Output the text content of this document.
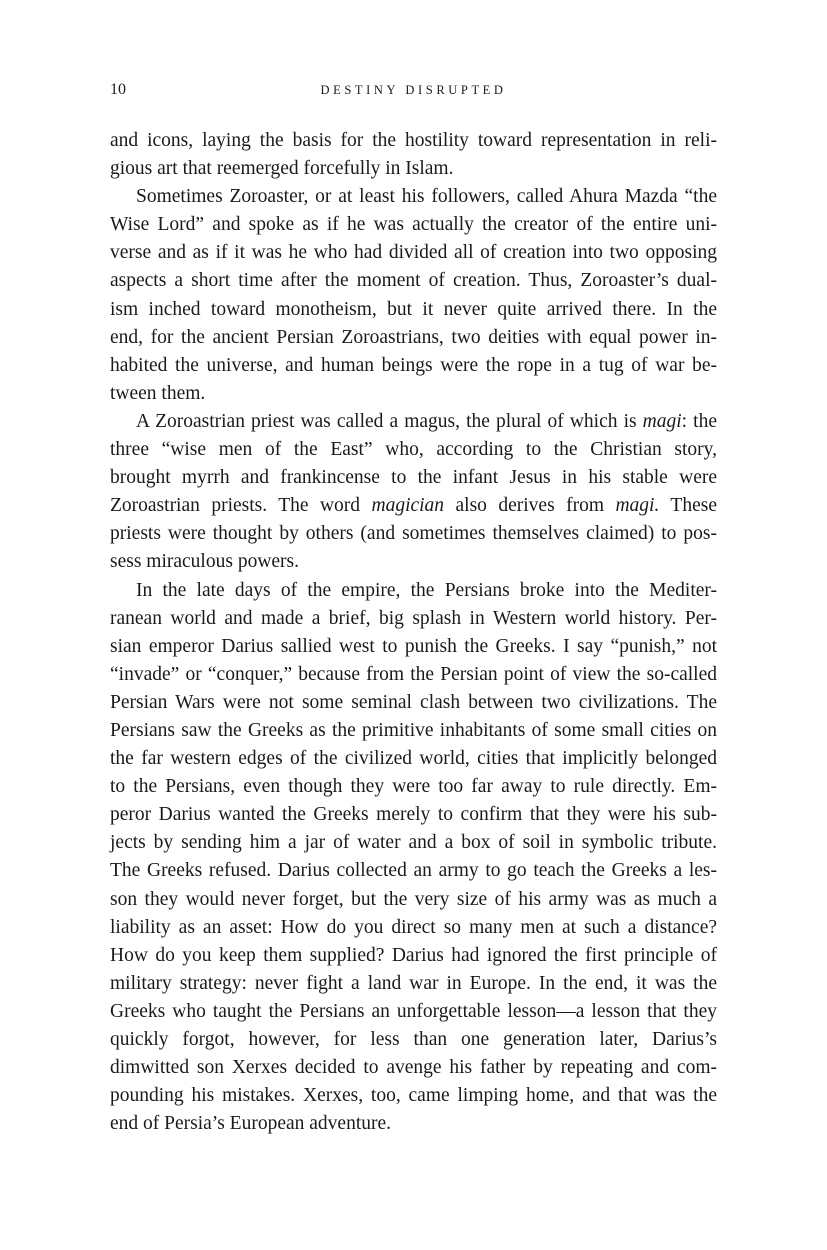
10	DESTINY DISRUPTED
and icons, laying the basis for the hostility toward representation in reli-
gious art that reemerged forcefully in Islam.
Sometimes Zoroaster, or at least his followers, called Ahura Mazda “the
Wise Lord” and spoke as if he was actually the creator of the entire uni-
verse and as if it was he who had divided all of creation into two opposing
aspects a short time after the moment of creation. Thus, Zoroaster’s dual-
ism inched toward monotheism, but it never quite arrived there. In the
end, for the ancient Persian Zoroastrians, two deities with equal power in-
habited the universe, and human beings were the rope in a tug of war be-
tween them.
A Zoroastrian priest was called a magus, the plural of which is magi: the
three “wise men of the East” who, according to the Christian story,
brought myrrh and frankincense to the infant Jesus in his stable were
Zoroastrian priests. The word magician also derives from magi. These
priests were thought by others (and sometimes themselves claimed) to pos-
sess miraculous powers.
In the late days of the empire, the Persians broke into the Mediter-
ranean world and made a brief, big splash in Western world history. Per-
sian emperor Darius sallied west to punish the Greeks. I say “punish,” not
“invade” or “conquer,” because from the Persian point of view the so-called
Persian Wars were not some seminal clash between two civilizations. The
Persians saw the Greeks as the primitive inhabitants of some small cities on
the far western edges of the civilized world, cities that implicitly belonged
to the Persians, even though they were too far away to rule directly. Em-
peror Darius wanted the Greeks merely to confirm that they were his sub-
jects by sending him a jar of water and a box of soil in symbolic tribute.
The Greeks refused. Darius collected an army to go teach the Greeks a les-
son they would never forget, but the very size of his army was as much a
liability as an asset: How do you direct so many men at such a distance?
How do you keep them supplied? Darius had ignored the first principle of
military strategy: never fight a land war in Europe. In the end, it was the
Greeks who taught the Persians an unforgettable lesson—a lesson that they
quickly forgot, however, for less than one generation later, Darius’s
dimwitted son Xerxes decided to avenge his father by repeating and com-
pounding his mistakes. Xerxes, too, came limping home, and that was the
end of Persia’s European adventure.
